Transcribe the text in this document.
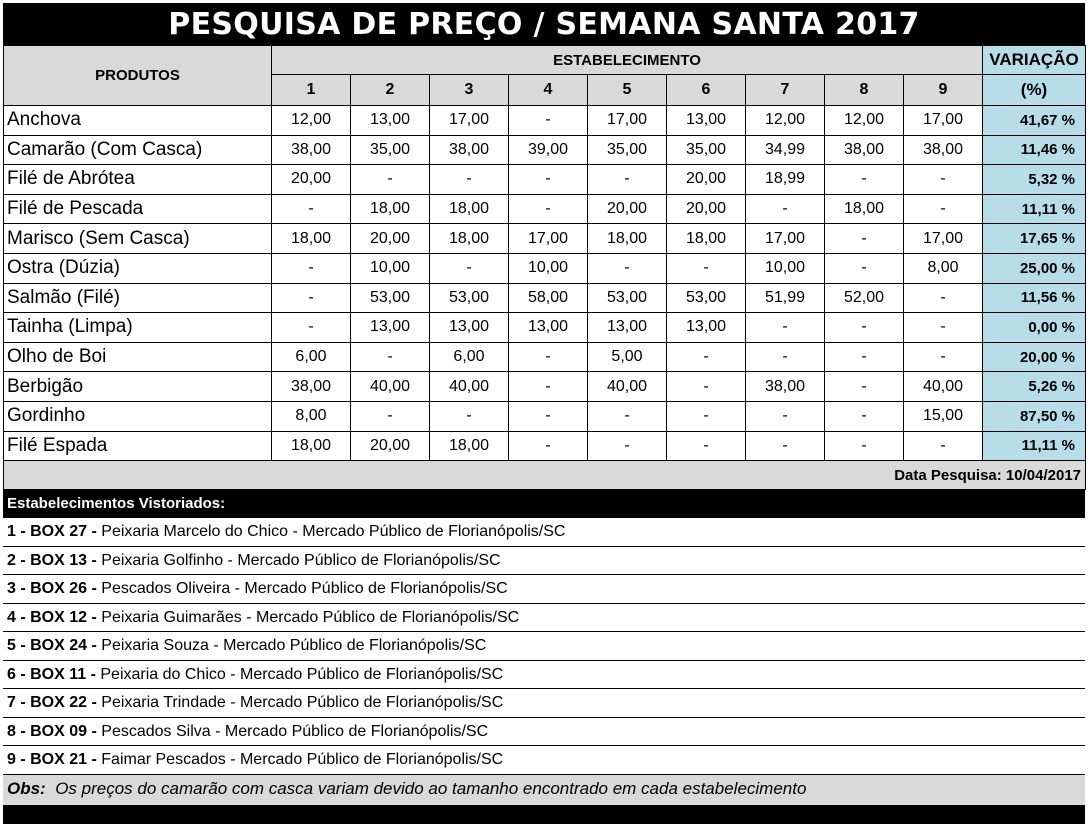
PESQUISA DE PREÇO / SEMANA SANTA 2017
PRODUTOS	ESTABELECIMENTO									VARIAÇÃO
	1	2	3	4	5	6	7	8	9	(%)
Anchova	12,00	13,00	17,00	-	17,00	13,00	12,00	12,00	17,00	41,67 %
Camarão (Com Casca)	38,00	35,00	38,00	39,00	35,00	35,00	34,99	38,00	38,00	11,46 %
Filé de Abrótea	20,00	-	-	-	-	20,00	18,99	-	-	5,32 %
Filé de Pescada	-	18,00	18,00	-	20,00	20,00	-	18,00	-	11,11 %
Marisco (Sem Casca)	18,00	20,00	18,00	17,00	18,00	18,00	17,00	-	17,00	17,65 %
Ostra (Dúzia)	-	10,00	-	10,00	-	-	10,00	-	8,00	25,00 %
Salmão (Filé)	-	53,00	53,00	58,00	53,00	53,00	51,99	52,00	-	11,56 %
Tainha (Limpa)	-	13,00	13,00	13,00	13,00	13,00	-	-	-	0,00 %
Olho de Boi	6,00	-	6,00	-	5,00	-	-	-	-	20,00 %
Berbigão	38,00	40,00	40,00	-	40,00	-	38,00	-	40,00	5,26 %
Gordinho	8,00	-	-	-	-	-	-	-	15,00	87,50 %
Filé Espada	18,00	20,00	18,00	-	-	-	-	-	-	11,11 %
Data Pesquisa: 10/04/2017										
Estabelecimentos Vistoriados:
1 - BOX 27 - Peixaria Marcelo do Chico - Mercado Público de Florianópolis/SC
2 - BOX 13 - Peixaria Golfinho - Mercado Público de Florianópolis/SC
3 - BOX 26 - Pescados Oliveira - Mercado Público de Florianópolis/SC
4 - BOX 12 - Peixaria Guimarães - Mercado Público de Florianópolis/SC
5 - BOX 24 - Peixaria Souza - Mercado Público de Florianópolis/SC
6 - BOX 11 - Peixaria do Chico - Mercado Público de Florianópolis/SC
7 - BOX 22 - Peixaria Trindade - Mercado Público de Florianópolis/SC
8 - BOX 09 - Pescados Silva - Mercado Público de Florianópolis/SC
9 - BOX 21 - Faimar Pescados - Mercado Público de Florianópolis/SC
Obs: Os preços do camarão com casca variam devido ao tamanho encontrado em cada estabelecimento
